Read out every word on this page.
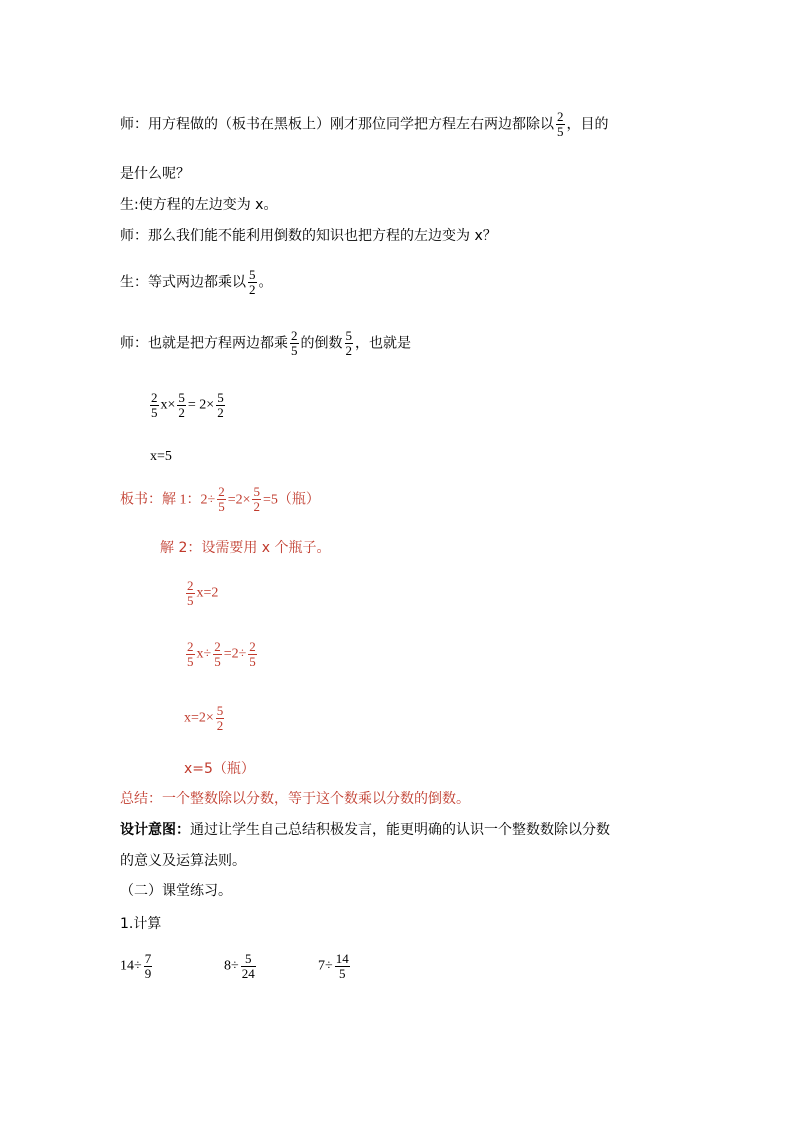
师：用方程做的（板书在黑板上）刚才那位同学把方程左右两边都除以 $\frac{2}{5}$ ，目的
是什么呢？
生:使方程的左边变为 x。
师：那么我们能不能利用倒数的知识也把方程的左边变为 x？
生：等式两边都乘以 $\frac{5}{2}$ 。
师：也就是把方程两边都乘 $\frac{2}{5}$ 的倒数 $\frac{5}{2}$ ，也就是
$\frac{2}{5} x\times \frac{5}{2} = 2\times \frac{5}{2}$
x=5
板书：解 1：$2\div \frac{2}{5} =2\times \frac{5}{2} =5$（瓶）
解 2：设需要用 x 个瓶子。
$\frac{2}{5} x=2$
$\frac{2}{5} x\div \frac{2}{5} =2\div \frac{2}{5}$
$x=2\times \frac{5}{2}$
x=5（瓶）
总结：一个整数除以分数，等于这个数乘以分数的倒数。
设计意图：通过让学生自己总结积极发言，能更明确的认识一个整数数除以分数
的意义及运算法则。
（二）课堂练习。
1.计算
$14\div \frac{7}{9}$	$8\div \frac{5}{24}$	$7\div \frac{14}{5}$
